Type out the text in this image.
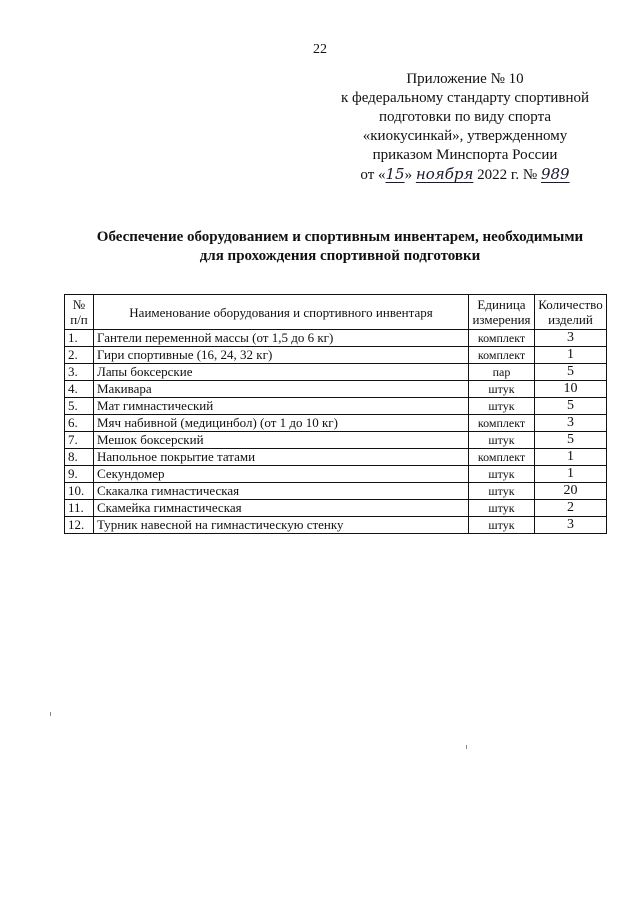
22
Приложение № 10
к федеральному стандарту спортивной
подготовки по виду спорта
«киокусинкай», утвержденному
приказом Минспорта России
от «15» ноября 2022 г. № 989
Обеспечение оборудованием и спортивным инвентарем, необходимыми
для прохождения спортивной подготовки
№ п/п	Наименование оборудования и спортивного инвентаря	Единица измерения	Количество изделий
1.	Гантели переменной массы (от 1,5 до 6 кг)	комплект	3
2.	Гири спортивные (16, 24, 32 кг)	комплект	1
3.	Лапы боксерские	пар	5
4.	Макивара	штук	10
5.	Мат гимнастический	штук	5
6.	Мяч набивной (медицинбол) (от 1 до 10 кг)	комплект	3
7.	Мешок боксерский	штук	5
8.	Напольное покрытие татами	комплект	1
9.	Секундомер	штук	1
10.	Скакалка гимнастическая	штук	20
11.	Скамейка гимнастическая	штук	2
12.	Турник навесной на гимнастическую стенку	штук	3
